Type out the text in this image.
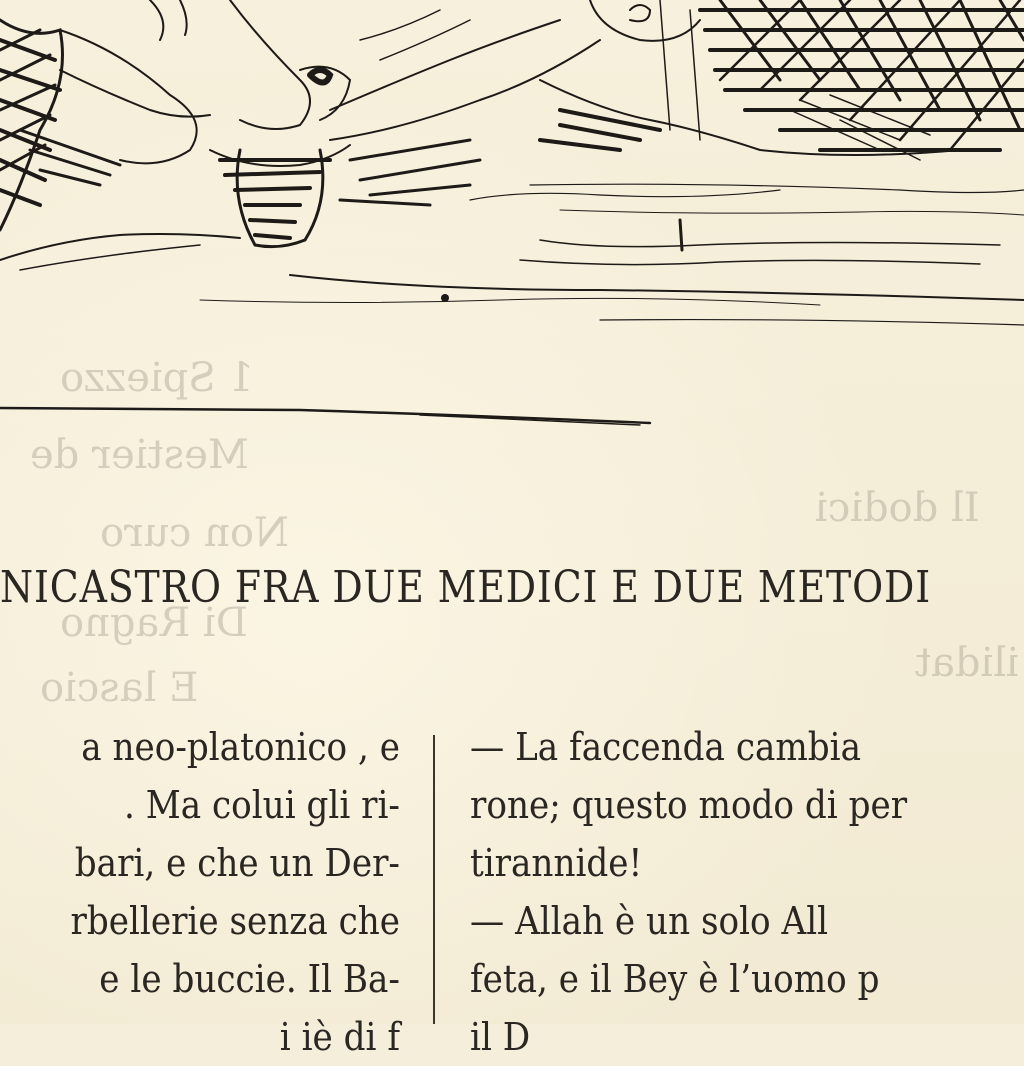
1 Spiezzo
Mestier de
Non curo
Di Ragno
E lascio
Il dodici
ilidat
NICASTRO FRA DUE MEDICI E DUE METODI
a neo-platonico , e
. Ma colui gli ri-
bari, e che un Der-
rbellerie senza che
e le buccie. Il Ba-
i iè di f
— La faccenda cambia
rone; questo modo di per
tirannide!
— Allah è un solo All
feta, e il Bey è l’uomo p
il D
